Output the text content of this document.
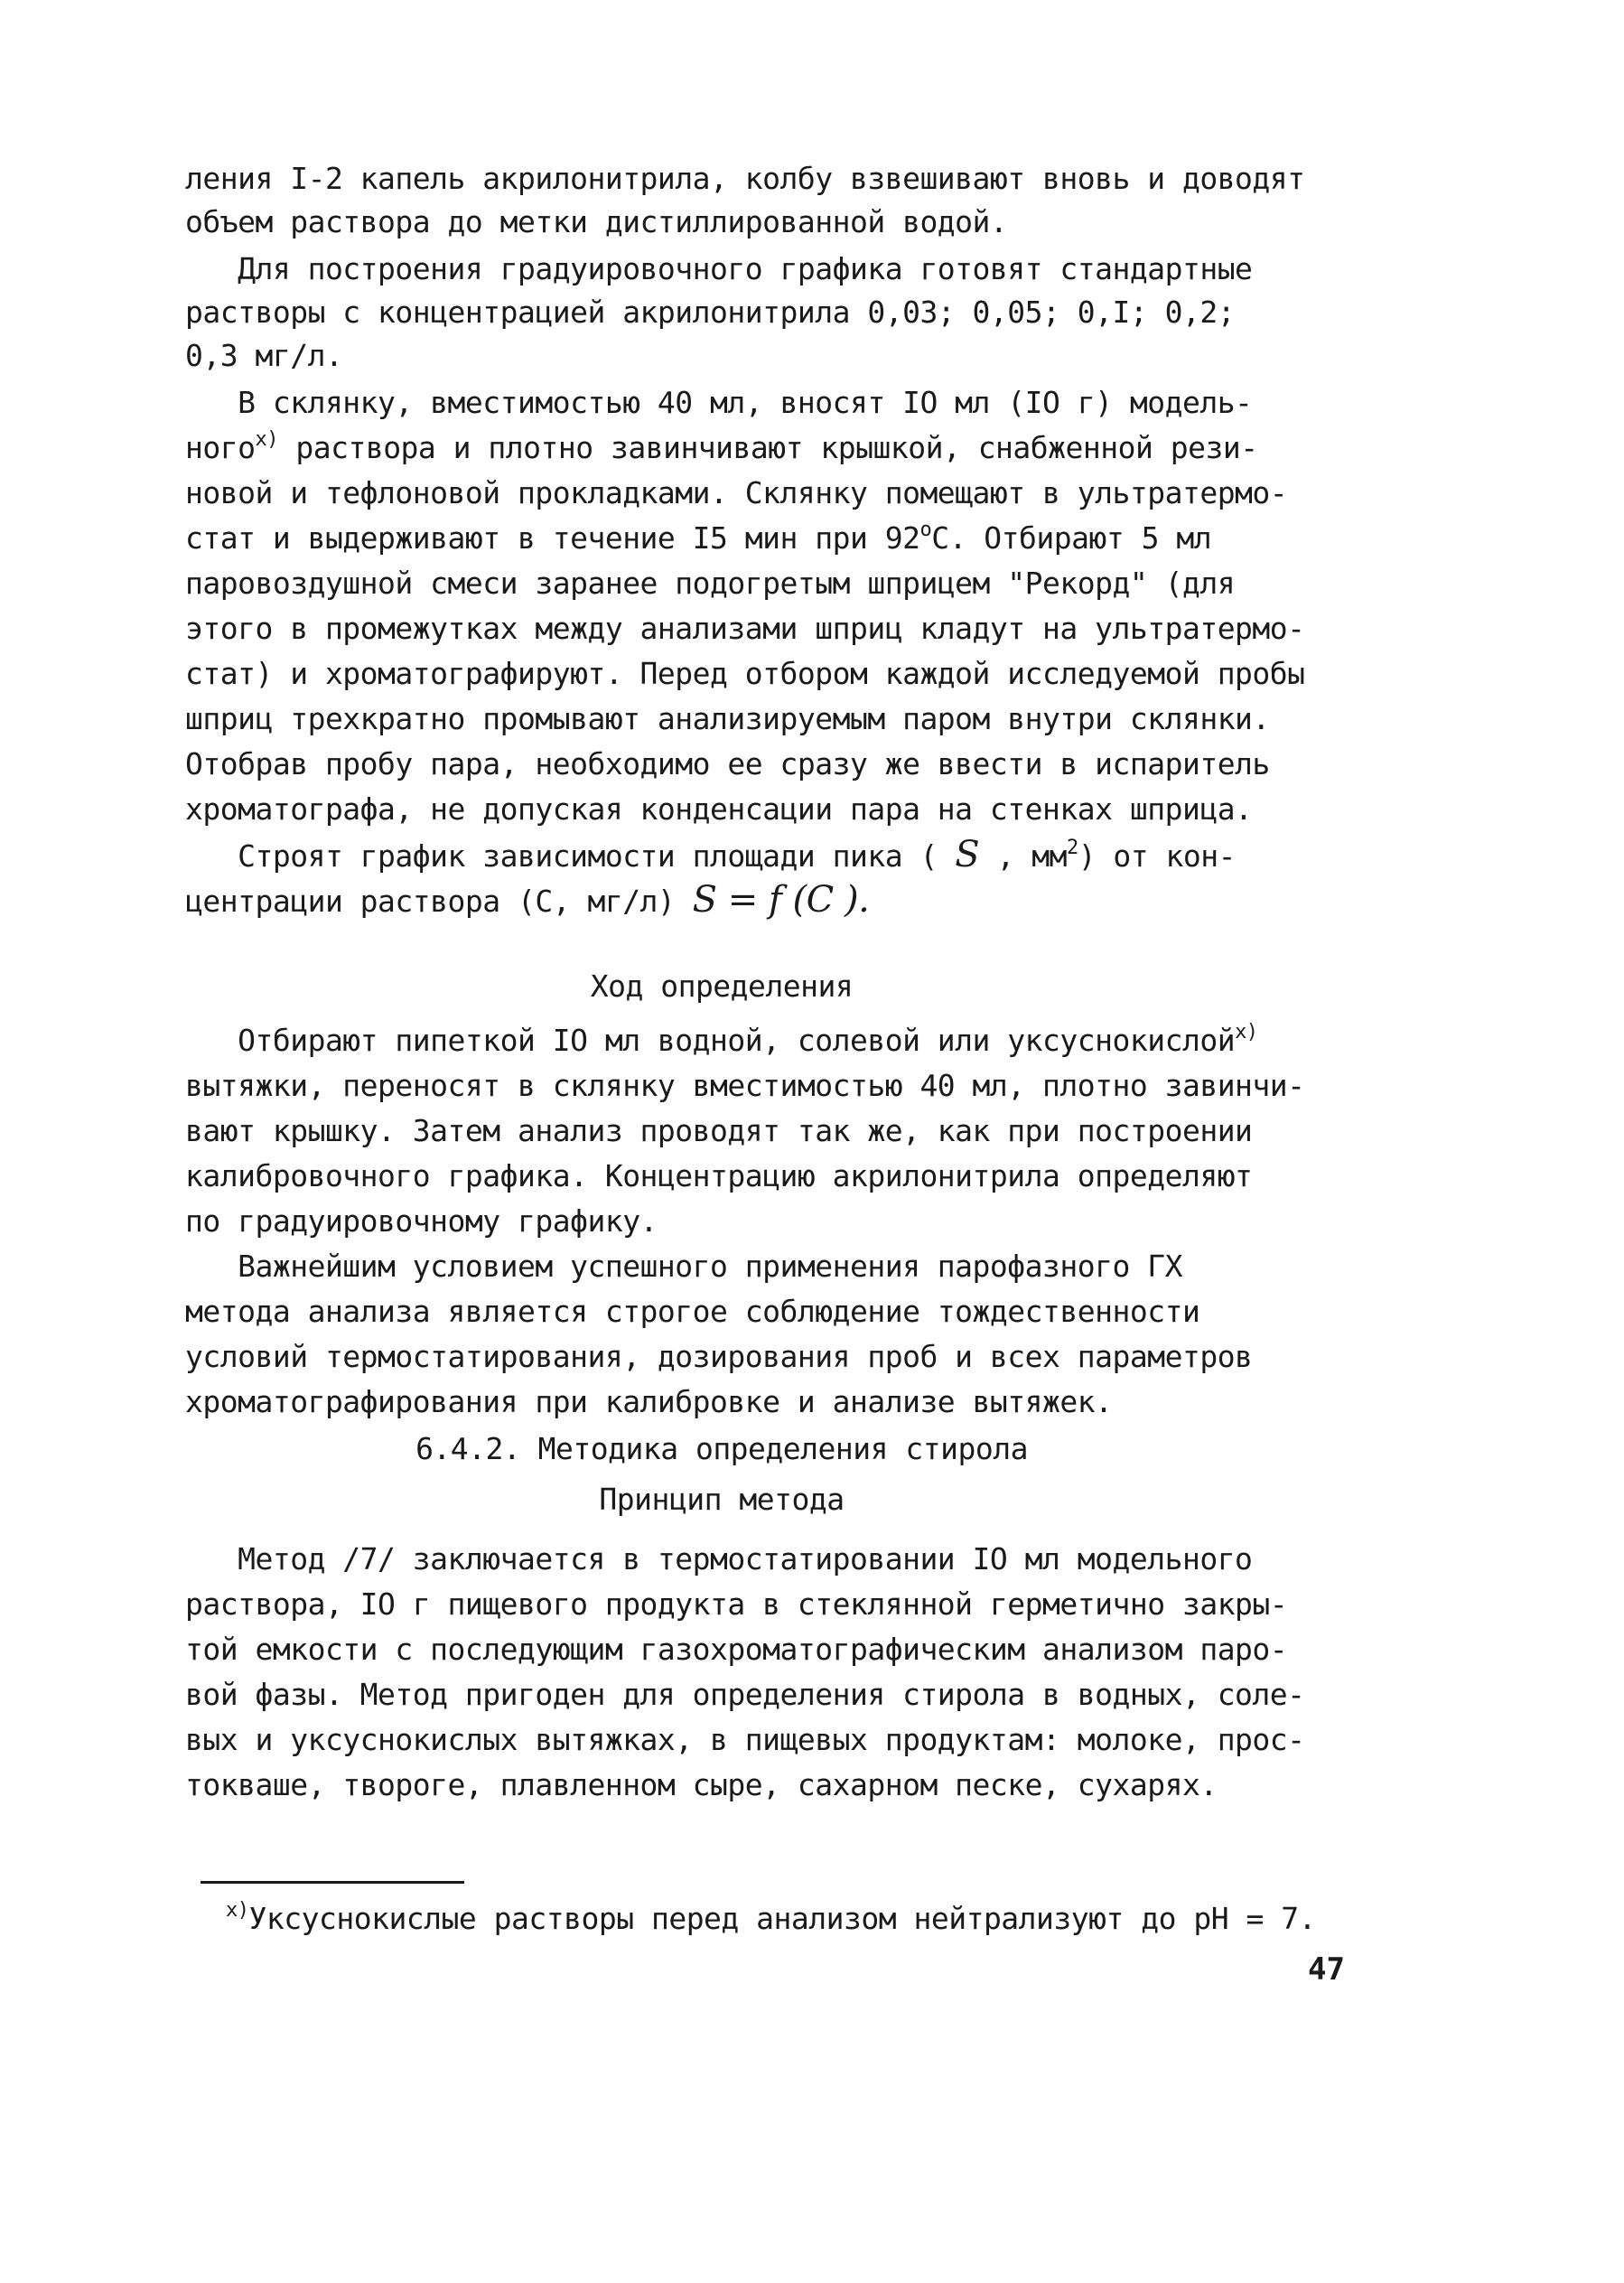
ления I-2 капель акрилонитрила, колбу взвешивают вновь и доводят
объем раствора до метки дистиллированной водой.
Для построения градуировочного графика готовят стандартные
растворы с концентрацией акрилонитрила 0,03; 0,05; 0,I; 0,2;
0,3 мг/л.
В склянку, вместимостью 40 мл, вносят IO мл (IO г) модель-
ного$^{х)}$ раствора и плотно завинчивают крышкой, снабженной рези-
новой и тефлоновой прокладками. Склянку помещают в ультратермо-
стат и выдерживают в течение I5 мин при $92^оС$. Отбирают 5 мл
паровоздушной смеси заранее подогретым шприцем "Рекорд" (для
этого в промежутках между анализами шприц кладут на ультратермо-
стат) и хроматографируют. Перед отбором каждой исследуемой пробы
шприц трехкратно промывают анализируемым паром внутри склянки.
Отобрав пробу пара, необходимо ее сразу же ввести в испаритель
хроматографа, не допуская конденсации пара на стенках шприца.
Строят график зависимости площади пика ( S , $мм^2$) от кон-
центрации раствора (С, мг/л) S = f (C ).
Ход определения
Отбирают пипеткой IO мл водной, солевой или уксуснокислой$^{х)}$
вытяжки, переносят в склянку вместимостью 40 мл, плотно завинчи-
вают крышку. Затем анализ проводят так же, как при построении
калибровочного графика. Концентрацию акрилонитрила определяют
по градуировочному графику.
Важнейшим условием успешного применения парофазного ГХ
метода анализа является строгое соблюдение тождественности
условий термостатирования, дозирования проб и всех параметров
хроматографирования при калибровке и анализе вытяжек.
6.4.2. Методика определения стирола
Принцип метода
Метод /7/ заключается в термостатировании IO мл модельного
раствора, IO г пищевого продукта в стеклянной герметично закры-
той емкости с последующим газохроматографическим анализом паро-
вой фазы. Метод пригоден для определения стирола в водных, соле-
вых и уксуснокислых вытяжках, в пищевых продуктам: молоке, прос-
токваше, твороге, плавленном сыре, сахарном песке, сухарях.
$^{х)}$Уксуснокислые растворы перед анализом нейтрализуют до рН = 7.
47
